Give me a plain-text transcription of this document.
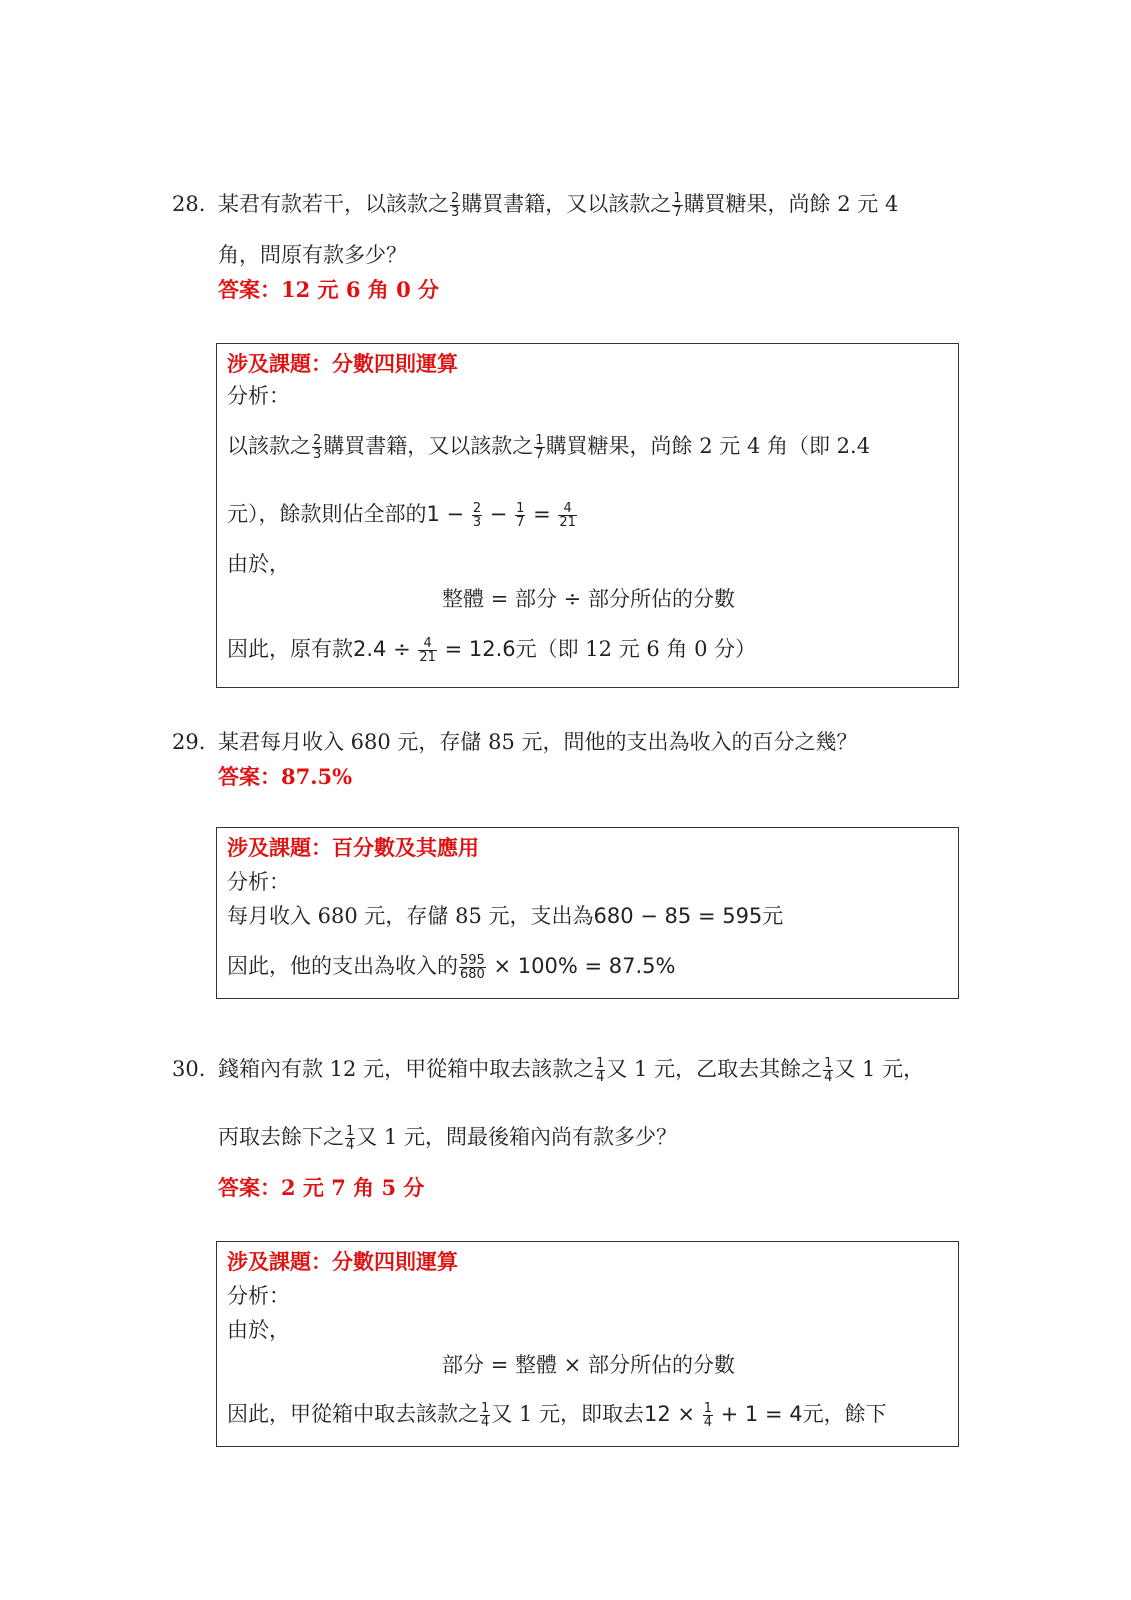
28. 某君有款若干，以該款之 $\frac{2}{3}$ 購買書籍，又以該款之 $\frac{1}{7}$ 購買糖果，尚餘 2 元 4
角，問原有款多少？
答案：12 元 6 角 0 分
涉及課題：分數四則運算
分析：
以該款之 $\frac{2}{3}$ 購買書籍，又以該款之 $\frac{1}{7}$ 購買糖果，尚餘 2 元 4 角（即 2.4
元），餘款則佔全部的$1 - \frac{2}{3} - \frac{1}{7} = \frac{4}{21}$
由於，
整體 = 部分 ÷ 部分所佔的分數
因此，原有款$2.4 \div \frac{4}{21} = 12.6$元（即 12 元 6 角 0 分）
29. 某君每月收入 680 元，存儲 85 元，問他的支出為收入的百分之幾？
答案：87.5%
涉及課題：百分數及其應用
分析：
每月收入 680 元，存儲 85 元，支出為680 − 85 = 595元
因此，他的支出為收入的 $\frac{595}{680} \times 100\% = 87.5\%$
30. 錢箱內有款 12 元，甲從箱中取去該款之 $\frac{1}{4}$ 又 1 元，乙取去其餘之 $\frac{1}{4}$ 又 1 元，
丙取去餘下之 $\frac{1}{4}$ 又 1 元，問最後箱內尚有款多少？
答案：2 元 7 角 5 分
涉及課題：分數四則運算
分析：
由於，
部分 = 整體 × 部分所佔的分數
因此，甲從箱中取去該款之 $\frac{1}{4}$ 又 1 元，即取去$12 \times \frac{1}{4} + 1 = 4$元，餘下
